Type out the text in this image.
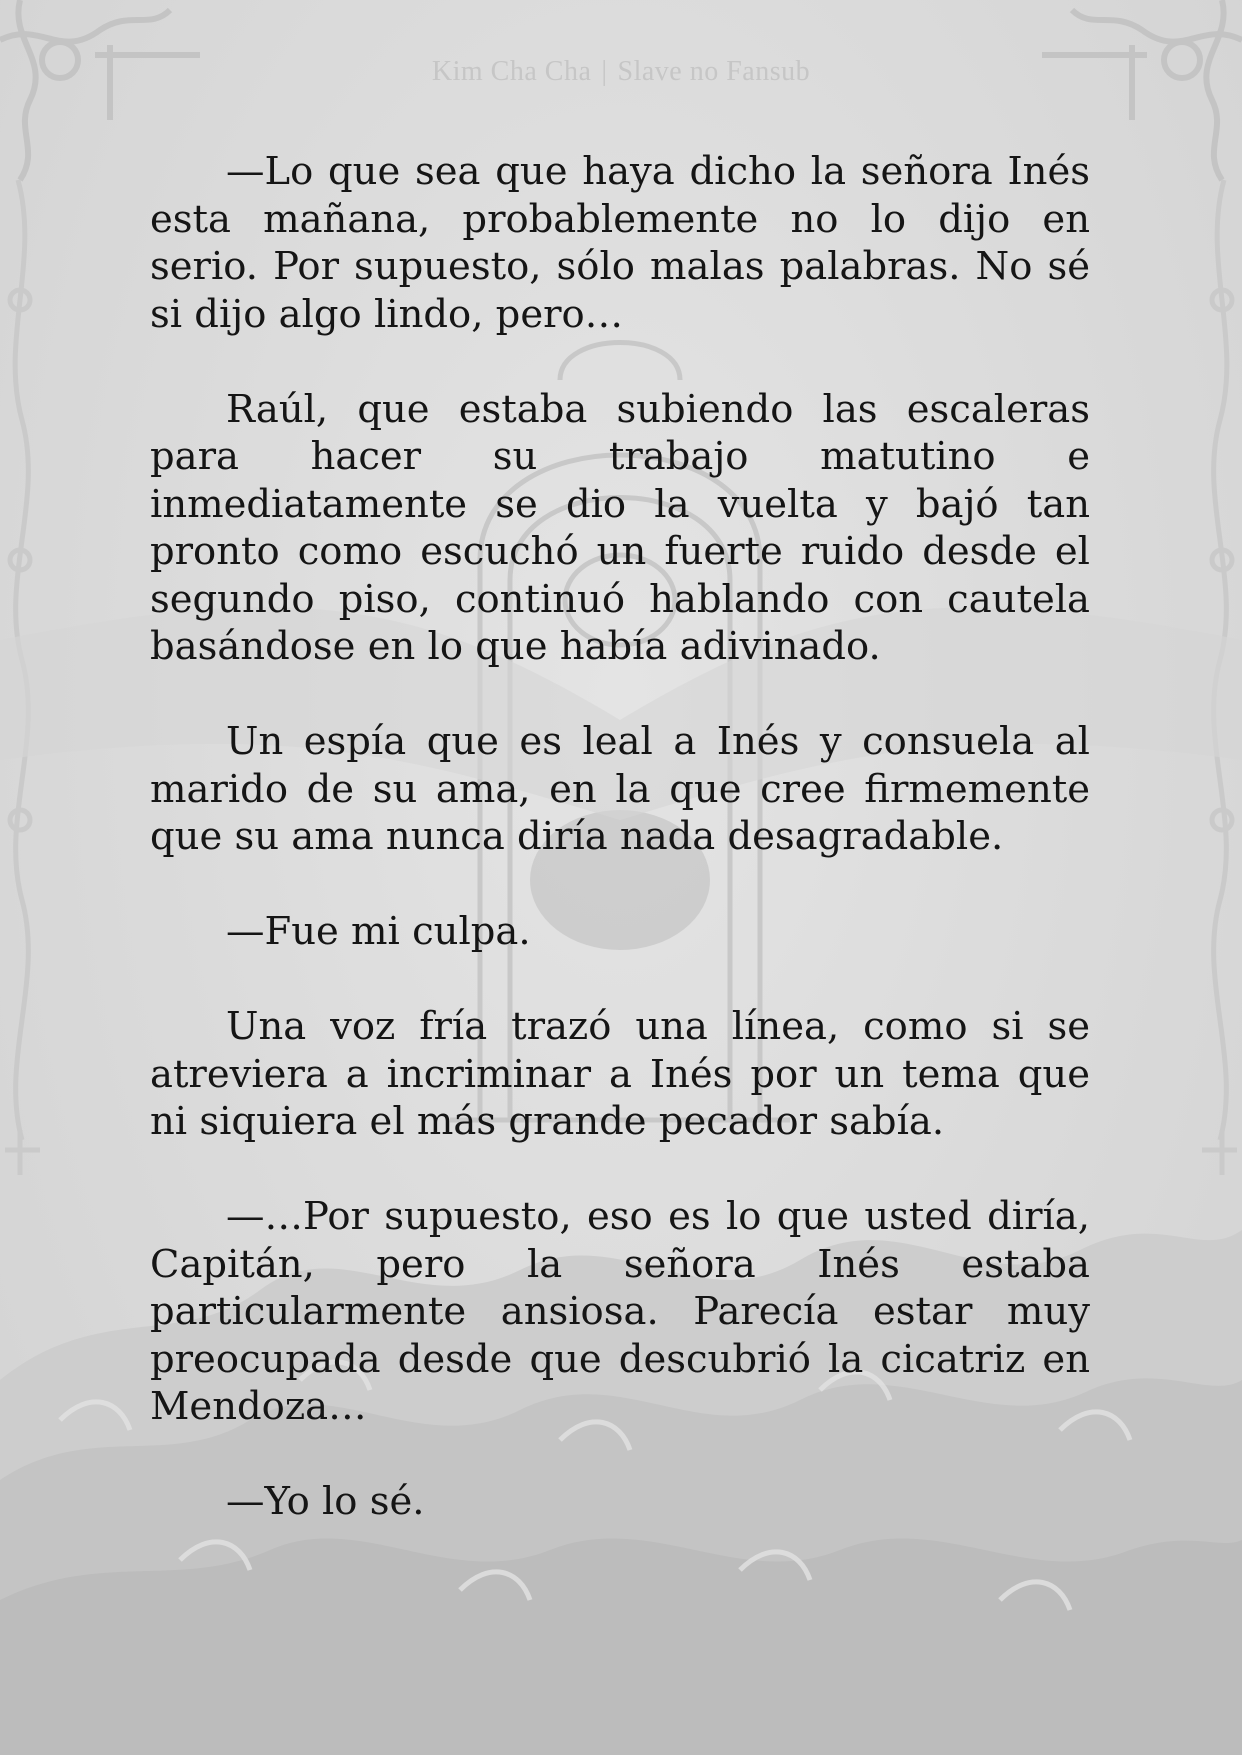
Kim Cha Cha | Slave no Fansub

—Lo que sea que haya dicho la señora Inés esta mañana, probablemente no lo dijo en serio. Por supuesto, sólo malas palabras. No sé si dijo algo lindo, pero…

Raúl, que estaba subiendo las escaleras para hacer su trabajo matutino e inmediatamente se dio la vuelta y bajó tan pronto como escuchó un fuerte ruido desde el segundo piso, continuó hablando con cautela basándose en lo que había adivinado.

Un espía que es leal a Inés y consuela al marido de su ama, en la que cree firmemente que su ama nunca diría nada desagradable.

—Fue mi culpa.

Una voz fría trazó una línea, como si se atreviera a incriminar a Inés por un tema que ni siquiera el más grande pecador sabía.

—…Por supuesto, eso es lo que usted diría, Capitán, pero la señora Inés estaba particularmente ansiosa. Parecía estar muy preocupada desde que descubrió la cicatriz en Mendoza…

—Yo lo sé.
